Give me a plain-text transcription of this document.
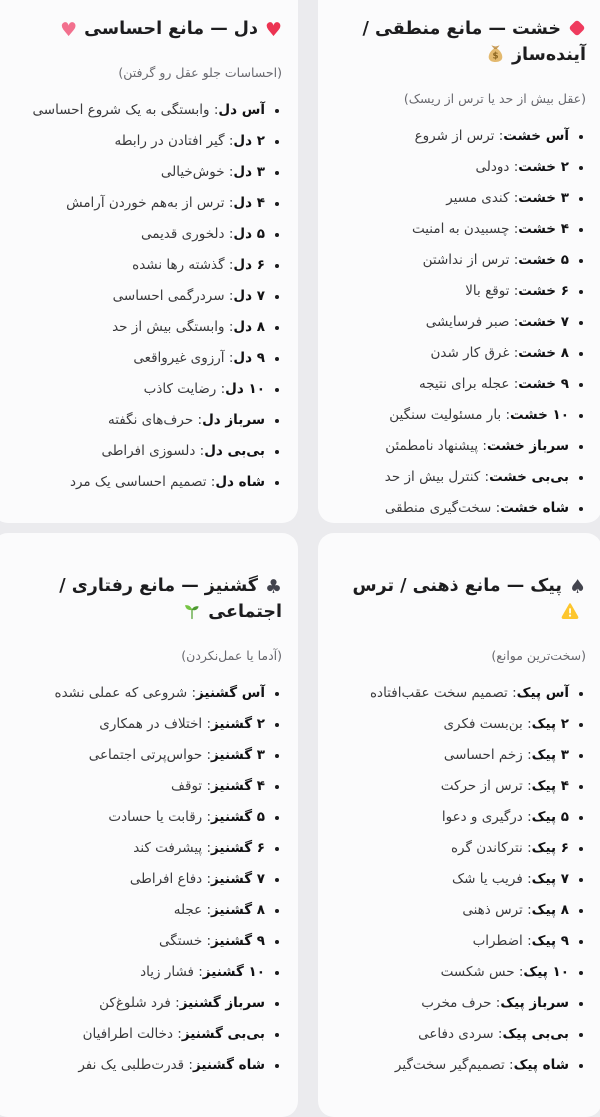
خشت — مانع منطقی / آینده‌ساز
$

(عقل بیش از حد یا ترس از ریسک)

آس خشت: ترس از شروع
۲ خشت: دودلی
۳ خشت: کندی مسیر
۴ خشت: چسبیدن به امنیت
۵ خشت: ترس از نداشتن
۶ خشت: توقع بالا
۷ خشت: صبر فرسایشی
۸ خشت: غرق کار شدن
۹ خشت: عجله برای نتیجه
۱۰ خشت: بار مسئولیت سنگین
سرباز خشت: پیشنهاد نامطمئن
بی‌بی خشت: کنترل بیش از حد
شاه خشت: سخت‌گیری منطقی
♥دل — مانع احساسی♥

(احساسات جلو عقل رو گرفتن)

آس دل: وابستگی به یک شروع احساسی
۲ دل: گیر افتادن در رابطه
۳ دل: خوش‌خیالی
۴ دل: ترس از به‌هم خوردن آرامش
۵ دل: دلخوری قدیمی
۶ دل: گذشته رها نشده
۷ دل: سردرگمی احساسی
۸ دل: وابستگی بیش از حد
۹ دل: آرزوی غیرواقعی
۱۰ دل: رضایت کاذب
سرباز دل: حرف‌های نگفته
بی‌بی دل: دلسوزی افراطی
شاه دل: تصمیم احساسی یک مرد
♠پیک — مانع ذهنی / ترس

(سخت‌ترین موانع)

آس پیک: تصمیم سخت عقب‌افتاده
۲ پیک: بن‌بست فکری
۳ پیک: زخم احساسی
۴ پیک: ترس از حرکت
۵ پیک: درگیری و دعوا
۶ پیک: نترکاندن گره
۷ پیک: فریب یا شک
۸ پیک: ترس ذهنی
۹ پیک: اضطراب
۱۰ پیک: حس شکست
سرباز پیک: حرف مخرب
بی‌بی پیک: سردی دفاعی
شاه پیک: تصمیم‌گیر سخت‌گیر
♣گشنیز — مانع رفتاری / اجتماعی

(آدما یا عمل‌نکردن)

آس گشنیز: شروعی که عملی نشده
۲ گشنیز: اختلاف در همکاری
۳ گشنیز: حواس‌پرتی اجتماعی
۴ گشنیز: توقف
۵ گشنیز: رقابت یا حسادت
۶ گشنیز: پیشرفت کند
۷ گشنیز: دفاع افراطی
۸ گشنیز: عجله
۹ گشنیز: خستگی
۱۰ گشنیز: فشار زیاد
سرباز گشنیز: فرد شلوغ‌کن
بی‌بی گشنیز: دخالت اطرافیان
شاه گشنیز: قدرت‌طلبی یک نفر
